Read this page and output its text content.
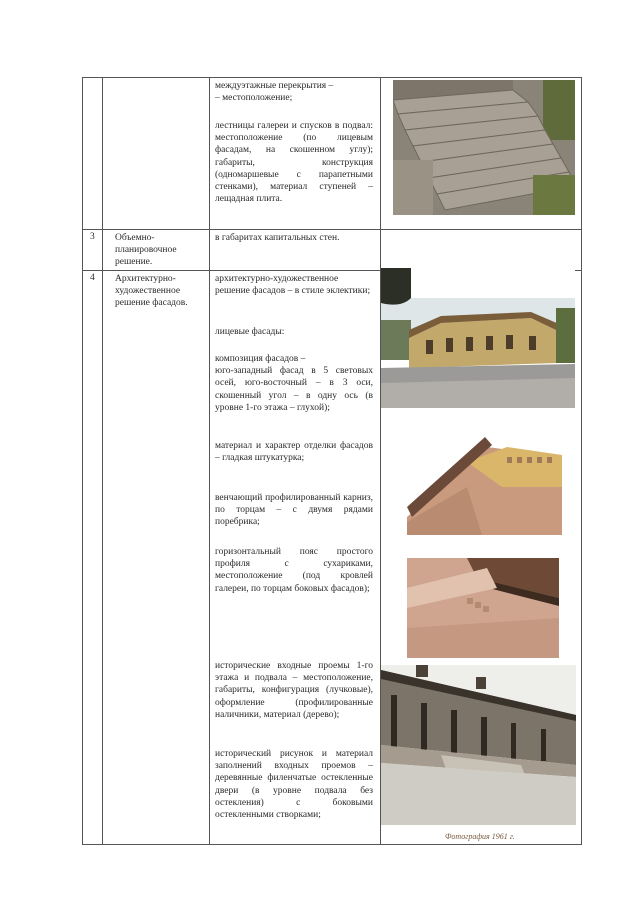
междуэтажные перекрытия –
– местоположение;
лестницы галереи и спусков в подвал: местоположение (по лицевым фасадам, на скошенном углу); габариты, конструкция (одномаршевые с парапетными стенками), материал ступеней – лещадная плита.
3 Объемно-планировочное решение.
в габаритах капитальных стен.
4 Архитектурно-художественное решение фасадов.
архитектурно-художественное решение фасадов – в стиле эклектики;
лицевые фасады:
композиция фасадов –
юго-западный фасад в 5 световых осей, юго-восточный – в 3 оси, скошенный угол – в одну ось (в уровне 1-го этажа – глухой);
материал и характер отделки фасадов – гладкая штукатурка;
венчающий профилированный карниз, по торцам – с двумя рядами поребрика;
горизонтальный пояс простого профиля с сухариками, местоположение (под кровлей галереи, по торцам боковых фасадов);
исторические входные проемы 1-го этажа и подвала – местоположение, габариты, конфигурация (лучковые), оформление (профилированные наличники, материал (дерево);
исторический рисунок и материал заполнений входных проемов – деревянные филенчатые остекленные двери (в уровне подвала без остекления) с боковыми остекленными створками;
Фотография 1961 г.
